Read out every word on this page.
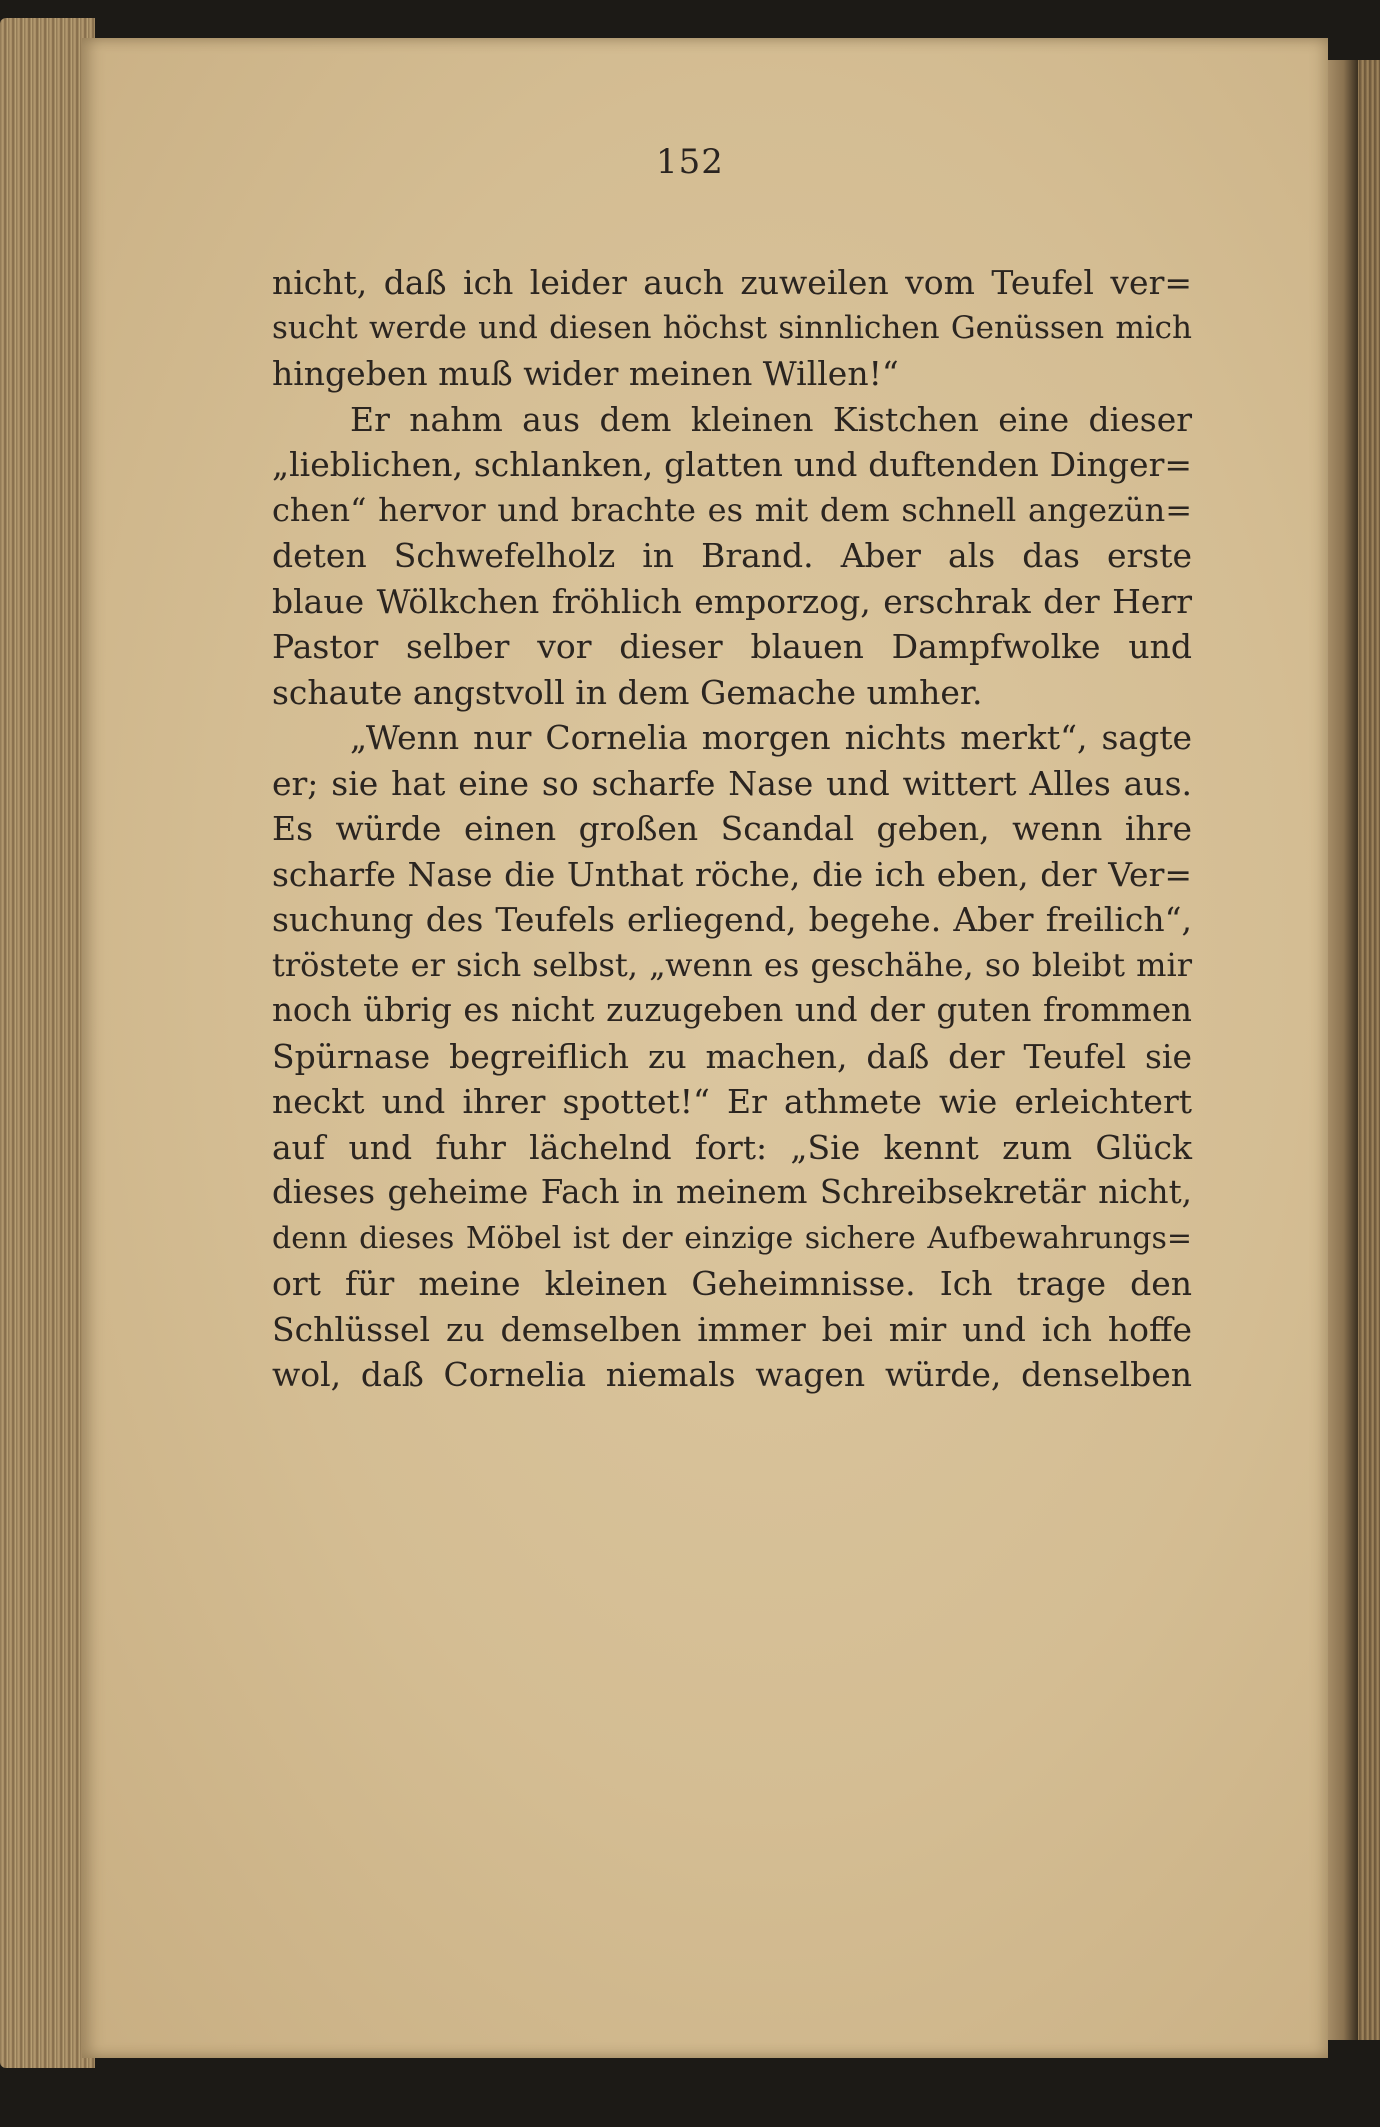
152
nicht, daß ich leider auch zuweilen vom Teufel ver=
sucht werde und diesen höchst sinnlichen Genüssen mich
hingeben muß wider meinen Willen!“
Er nahm aus dem kleinen Kistchen eine dieser
„lieblichen, schlanken, glatten und duftenden Dinger=
chen“ hervor und brachte es mit dem schnell angezün=
deten Schwefelholz in Brand. Aber als das erste
blaue Wölkchen fröhlich emporzog, erschrak der Herr
Pastor selber vor dieser blauen Dampfwolke und
schaute angstvoll in dem Gemache umher.
„Wenn nur Cornelia morgen nichts merkt“, sagte
er; sie hat eine so scharfe Nase und wittert Alles aus.
Es würde einen großen Scandal geben, wenn ihre
scharfe Nase die Unthat röche, die ich eben, der Ver=
suchung des Teufels erliegend, begehe. Aber freilich“,
tröstete er sich selbst, „wenn es geschähe, so bleibt mir
noch übrig es nicht zuzugeben und der guten frommen
Spürnase begreiflich zu machen, daß der Teufel sie
neckt und ihrer spottet!“ Er athmete wie erleichtert
auf und fuhr lächelnd fort: „Sie kennt zum Glück
dieses geheime Fach in meinem Schreibsekretär nicht,
denn dieses Möbel ist der einzige sichere Aufbewahrungs=
ort für meine kleinen Geheimnisse. Ich trage den
Schlüssel zu demselben immer bei mir und ich hoffe
wol, daß Cornelia niemals wagen würde, denselben
